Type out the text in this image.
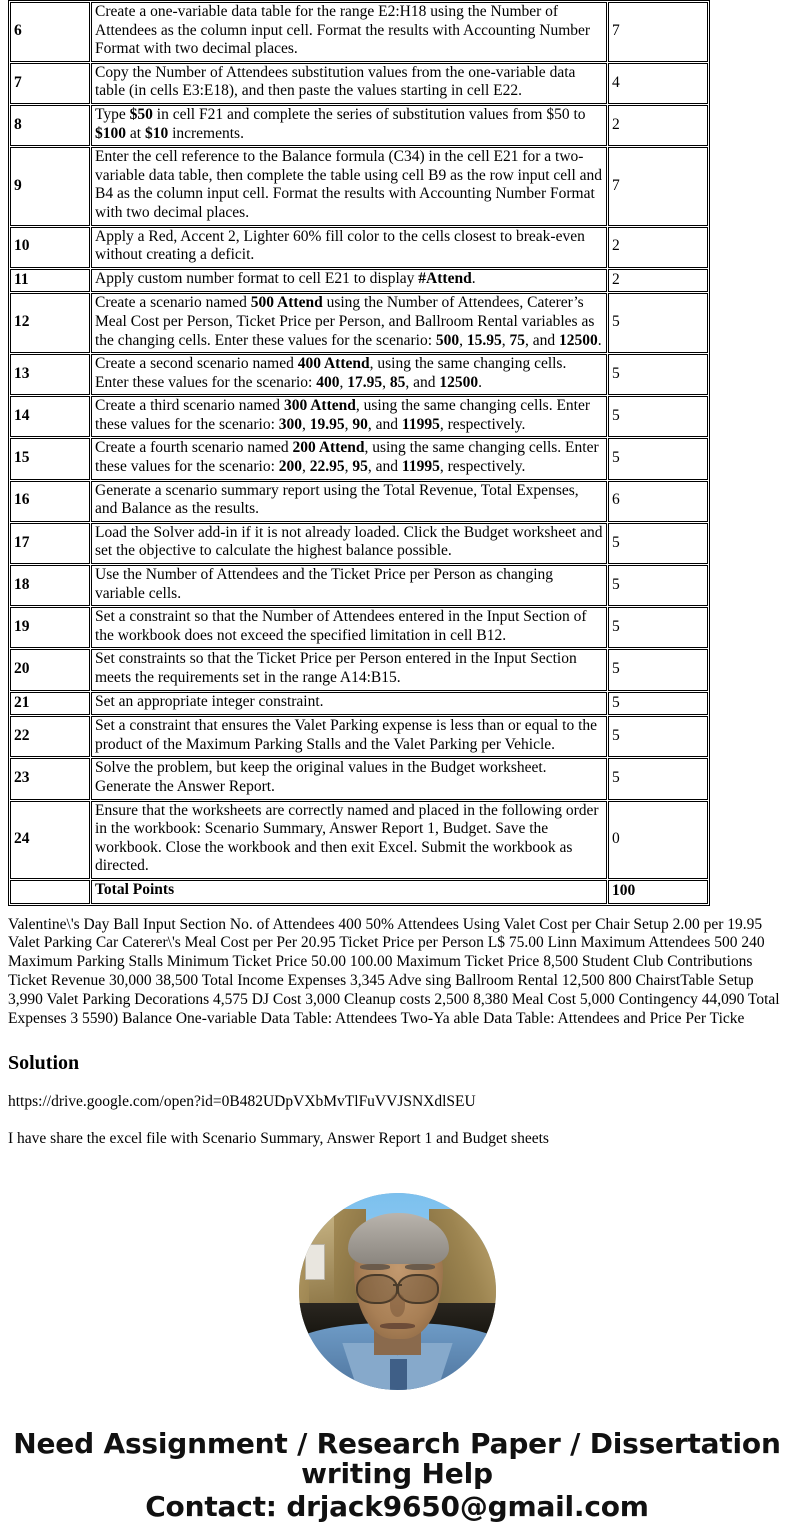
6	Create a one-variable data table for the range E2:H18 using the Number of Attendees as the column input cell. Format the results with Accounting Number Format with two decimal places.	7
7	Copy the Number of Attendees substitution values from the one-variable data table (in cells E3:E18), and then paste the values starting in cell E22.	4
8	Type $50 in cell F21 and complete the series of substitution values from $50 to $100 at $10 increments.	2
9	Enter the cell reference to the Balance formula (C34) in the cell E21 for a two-variable data table, then complete the table using cell B9 as the row input cell and B4 as the column input cell. Format the results with Accounting Number Format with two decimal places.	7
10	Apply a Red, Accent 2, Lighter 60% fill color to the cells closest to break-even without creating a deficit.	2
11	Apply custom number format to cell E21 to display #Attend.	2
12	Create a scenario named 500 Attend using the Number of Attendees, Caterer’s Meal Cost per Person, Ticket Price per Person, and Ballroom Rental variables as the changing cells. Enter these values for the scenario: 500, 15.95, 75, and 12500.	5
13	Create a second scenario named 400 Attend, using the same changing cells. Enter these values for the scenario: 400, 17.95, 85, and 12500.	5
14	Create a third scenario named 300 Attend, using the same changing cells. Enter these values for the scenario: 300, 19.95, 90, and 11995, respectively.	5
15	Create a fourth scenario named 200 Attend, using the same changing cells. Enter these values for the scenario: 200, 22.95, 95, and 11995, respectively.	5
16	Generate a scenario summary report using the Total Revenue, Total Expenses, and Balance as the results.	6
17	Load the Solver add-in if it is not already loaded. Click the Budget worksheet and set the objective to calculate the highest balance possible.	5
18	Use the Number of Attendees and the Ticket Price per Person as changing variable cells.	5
19	Set a constraint so that the Number of Attendees entered in the Input Section of the workbook does not exceed the specified limitation in cell B12.	5
20	Set constraints so that the Ticket Price per Person entered in the Input Section meets the requirements set in the range A14:B15.	5
21	Set an appropriate integer constraint.	5
22	Set a constraint that ensures the Valet Parking expense is less than or equal to the product of the Maximum Parking Stalls and the Valet Parking per Vehicle.	5
23	Solve the problem, but keep the original values in the Budget worksheet. Generate the Answer Report.	5
24	Ensure that the worksheets are correctly named and placed in the following order in the workbook: Scenario Summary, Answer Report 1, Budget. Save the workbook. Close the workbook and then exit Excel. Submit the workbook as directed.	0
	Total Points	100

Valentine\'s Day Ball Input Section No. of Attendees 400 50% Attendees Using Valet Cost per Chair Setup 2.00 per 19.95 Valet Parking Car Caterer\'s Meal Cost per Per 20.95 Ticket Price per Person L$ 75.00 Linn Maximum Attendees 500 240 Maximum Parking Stalls Minimum Ticket Price 50.00 100.00 Maximum Ticket Price 8,500 Student Club Contributions Ticket Revenue 30,000 38,500 Total Income Expenses 3,345 Adve sing Ballroom Rental 12,500 800 ChairstTable Setup 3,990 Valet Parking Decorations 4,575 DJ Cost 3,000 Cleanup costs 2,500 8,380 Meal Cost 5,000 Contingency 44,090 Total Expenses 3 5590) Balance One-variable Data Table: Attendees Two-Ya able Data Table: Attendees and Price Per Ticke

Solution

https://drive.google.com/open?id=0B482UDpVXbMvTlFuVVJSNXdlSEU

I have share the excel file with Scenario Summary, Answer Report 1 and Budget sheets

Need Assignment / Research Paper / Dissertation
writing Help
Contact: drjack9650@gmail.com
